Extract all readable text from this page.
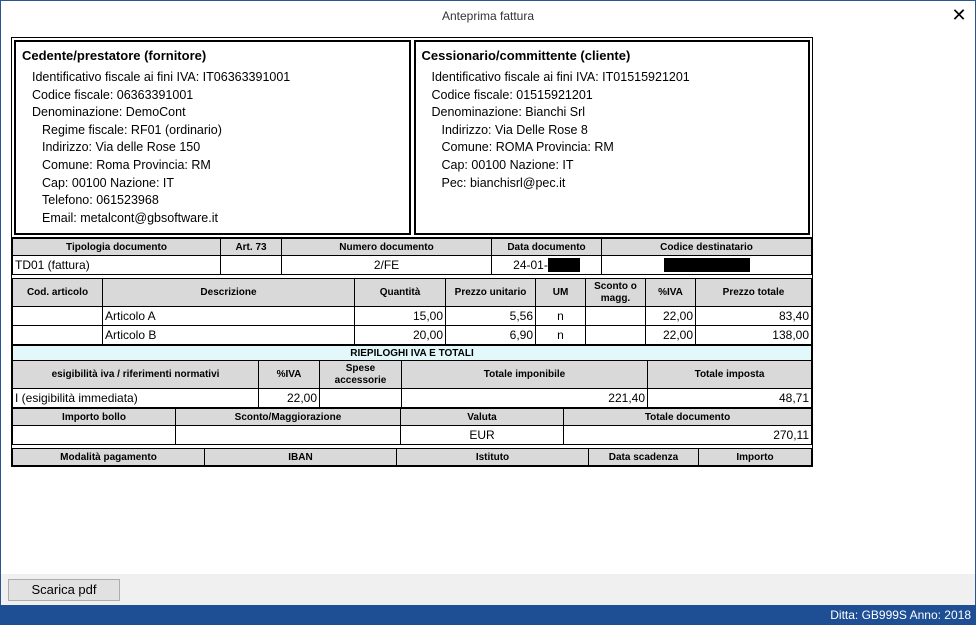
Anteprima fattura	✕
Cedente/prestatore (fornitore)
Identificativo fiscale ai fini IVA: IT06363391001
Codice fiscale: 06363391001
Denominazione: DemoCont
Regime fiscale: RF01 (ordinario)
Indirizzo: Via delle Rose 150
Comune: Roma Provincia: RM
Cap: 00100 Nazione: IT
Telefono: 061523968
Email: metalcont@gbsoftware.it
Cessionario/committente (cliente)
Identificativo fiscale ai fini IVA: IT01515921201
Codice fiscale: 01515921201
Denominazione: Bianchi Srl
Indirizzo: Via Delle Rose 8
Comune: ROMA Provincia: RM
Cap: 00100 Nazione: IT
Pec: bianchisrl@pec.it
Tipologia documento	Art. 73	Numero documento	Data documento	Codice destinatario
TD01 (fattura)		2/FE	24-01-	
Cod. articolo	Descrizione	Quantità	Prezzo unitario	UM	Sconto o magg.	%IVA	Prezzo totale
	Articolo A	15,00	5,56	n		22,00	83,40
	Articolo B	20,00	6,90	n		22,00	138,00
RIEPILOGHI IVA E TOTALI				
esigibilità iva / riferimenti normativi	%IVA	Spese accessorie	Totale imponibile	Totale imposta
I (esigibilità immediata)	22,00		221,40	48,71
Importo bollo	Sconto/Maggiorazione	Valuta	Totale documento
		EUR	270,11
Modalità pagamento	IBAN	Istituto	Data scadenza	Importo
Scarica pdf
Ditta: GB999S Anno: 2018
